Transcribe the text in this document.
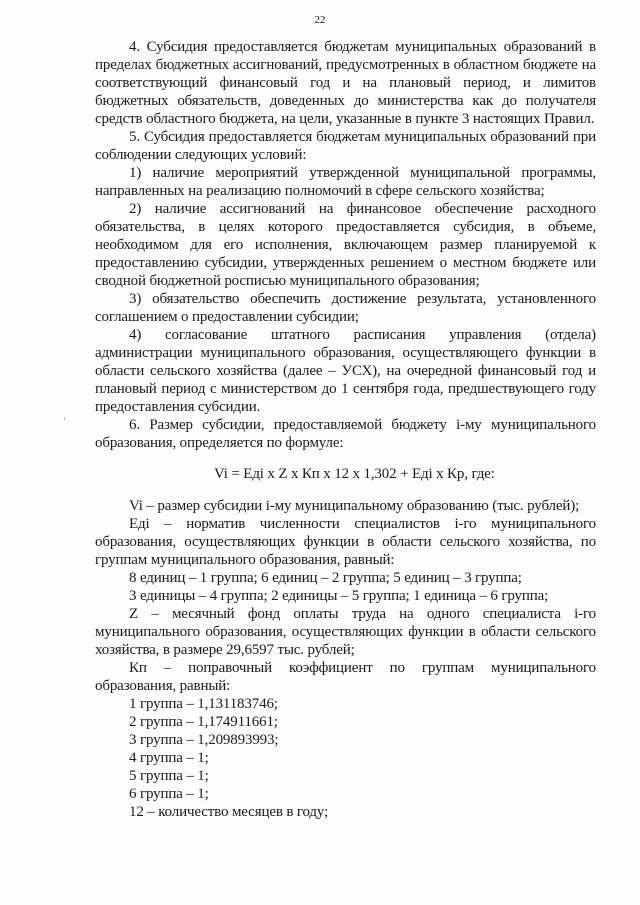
22

4. Субсидия предоставляется бюджетам муниципальных образований в пределах бюджетных ассигнований, предусмотренных в областном бюджете на соответствующий финансовый год и на плановый период, и лимитов бюджетных обязательств, доведенных до министерства как до получателя средств областного бюджета, на цели, указанные в пункте 3 настоящих Правил.

5. Субсидия предоставляется бюджетам муниципальных образований при соблюдении следующих условий:

1) наличие мероприятий утвержденной муниципальной программы, направленных на реализацию полномочий в сфере сельского хозяйства;

2) наличие ассигнований на финансовое обеспечение расходного обязательства, в целях которого предоставляется субсидия, в объеме, необходимом для его исполнения, включающем размер планируемой к предоставлению субсидии, утвержденных решением о местном бюджете или сводной бюджетной росписью муниципального образования;

3) обязательство обеспечить достижение результата, установленного соглашением о предоставлении субсидии;

4) согласование штатного расписания управления (отдела) администрации муниципального образования, осуществляющего функции в области сельского хозяйства (далее – УСХ), на очередной финансовый год и плановый период с министерством до 1 сентября года, предшествующего году предоставления субсидии.

6. Размер субсидии, предоставляемой бюджету i-му муниципального образования, определяется по формуле:

Vi = Едi х Z х Кп х 12 х 1,302 + Едi х Кр, где:

Vi – размер субсидии i-му муниципальному образованию (тыс. рублей);

Едi – норматив численности специалистов i-го муниципального образования, осуществляющих функции в области сельского хозяйства, по группам муниципального образования, равный:

8 единиц – 1 группа; 6 единиц – 2 группа; 5 единиц – 3 группа;

3 единицы – 4 группа; 2 единицы – 5 группа; 1 единица – 6 группа;

Z – месячный фонд оплаты труда на одного специалиста i-го муниципального образования, осуществляющих функции в области сельского хозяйства, в размере 29,6597 тыс. рублей;

Кп – поправочный коэффициент по группам муниципального образования, равный:

1 группа – 1,131183746;

2 группа – 1,174911661;

3 группа – 1,209893993;

4 группа – 1;

5 группа – 1;

6 группа – 1;

12 – количество месяцев в году;
